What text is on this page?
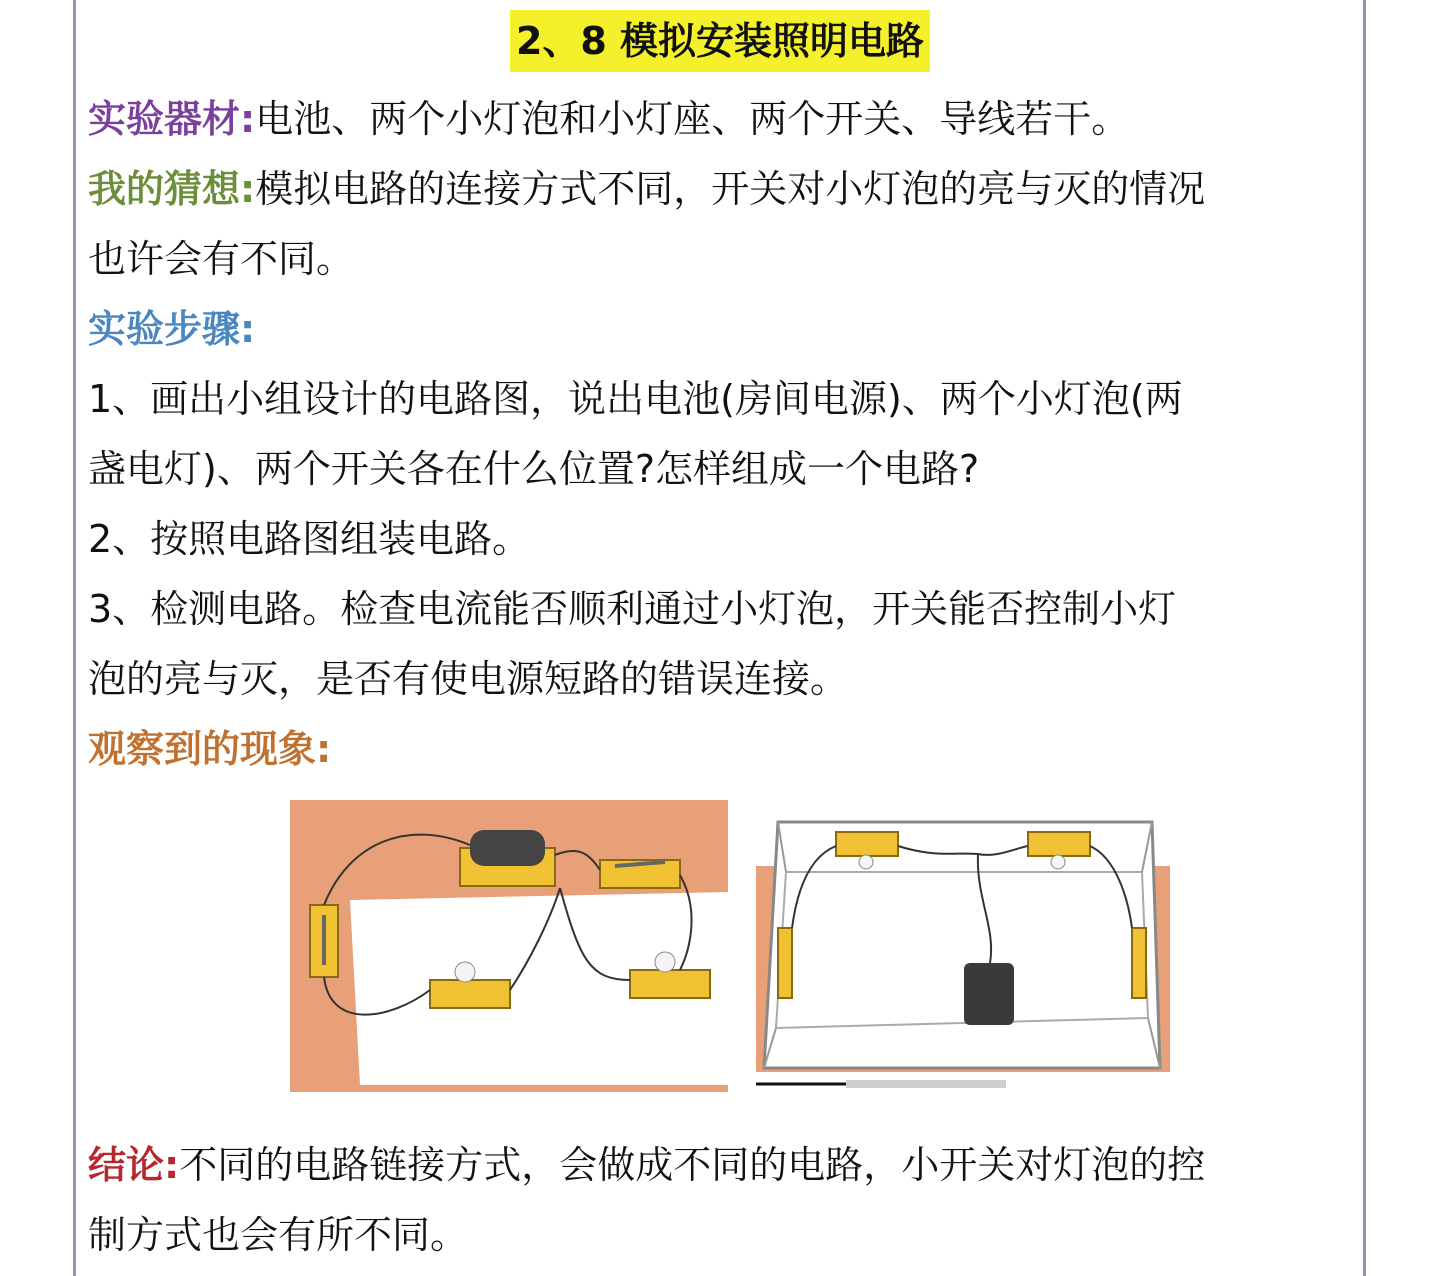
2、8 模拟安装照明电路
实验器材:电池、两个小灯泡和小灯座、两个开关、导线若干。
我的猜想:模拟电路的连接方式不同，开关对小灯泡的亮与灭的情况
也许会有不同。
实验步骤:
1、画出小组设计的电路图，说出电池(房间电源)、两个小灯泡(两
盏电灯)、两个开关各在什么位置?怎样组成一个电路?
2、按照电路图组装电路。
3、检测电路。检查电流能否顺利通过小灯泡，开关能否控制小灯
泡的亮与灭，是否有使电源短路的错误连接。
观察到的现象:
结论:不同的电路链接方式，会做成不同的电路，小开关对灯泡的控
制方式也会有所不同。
